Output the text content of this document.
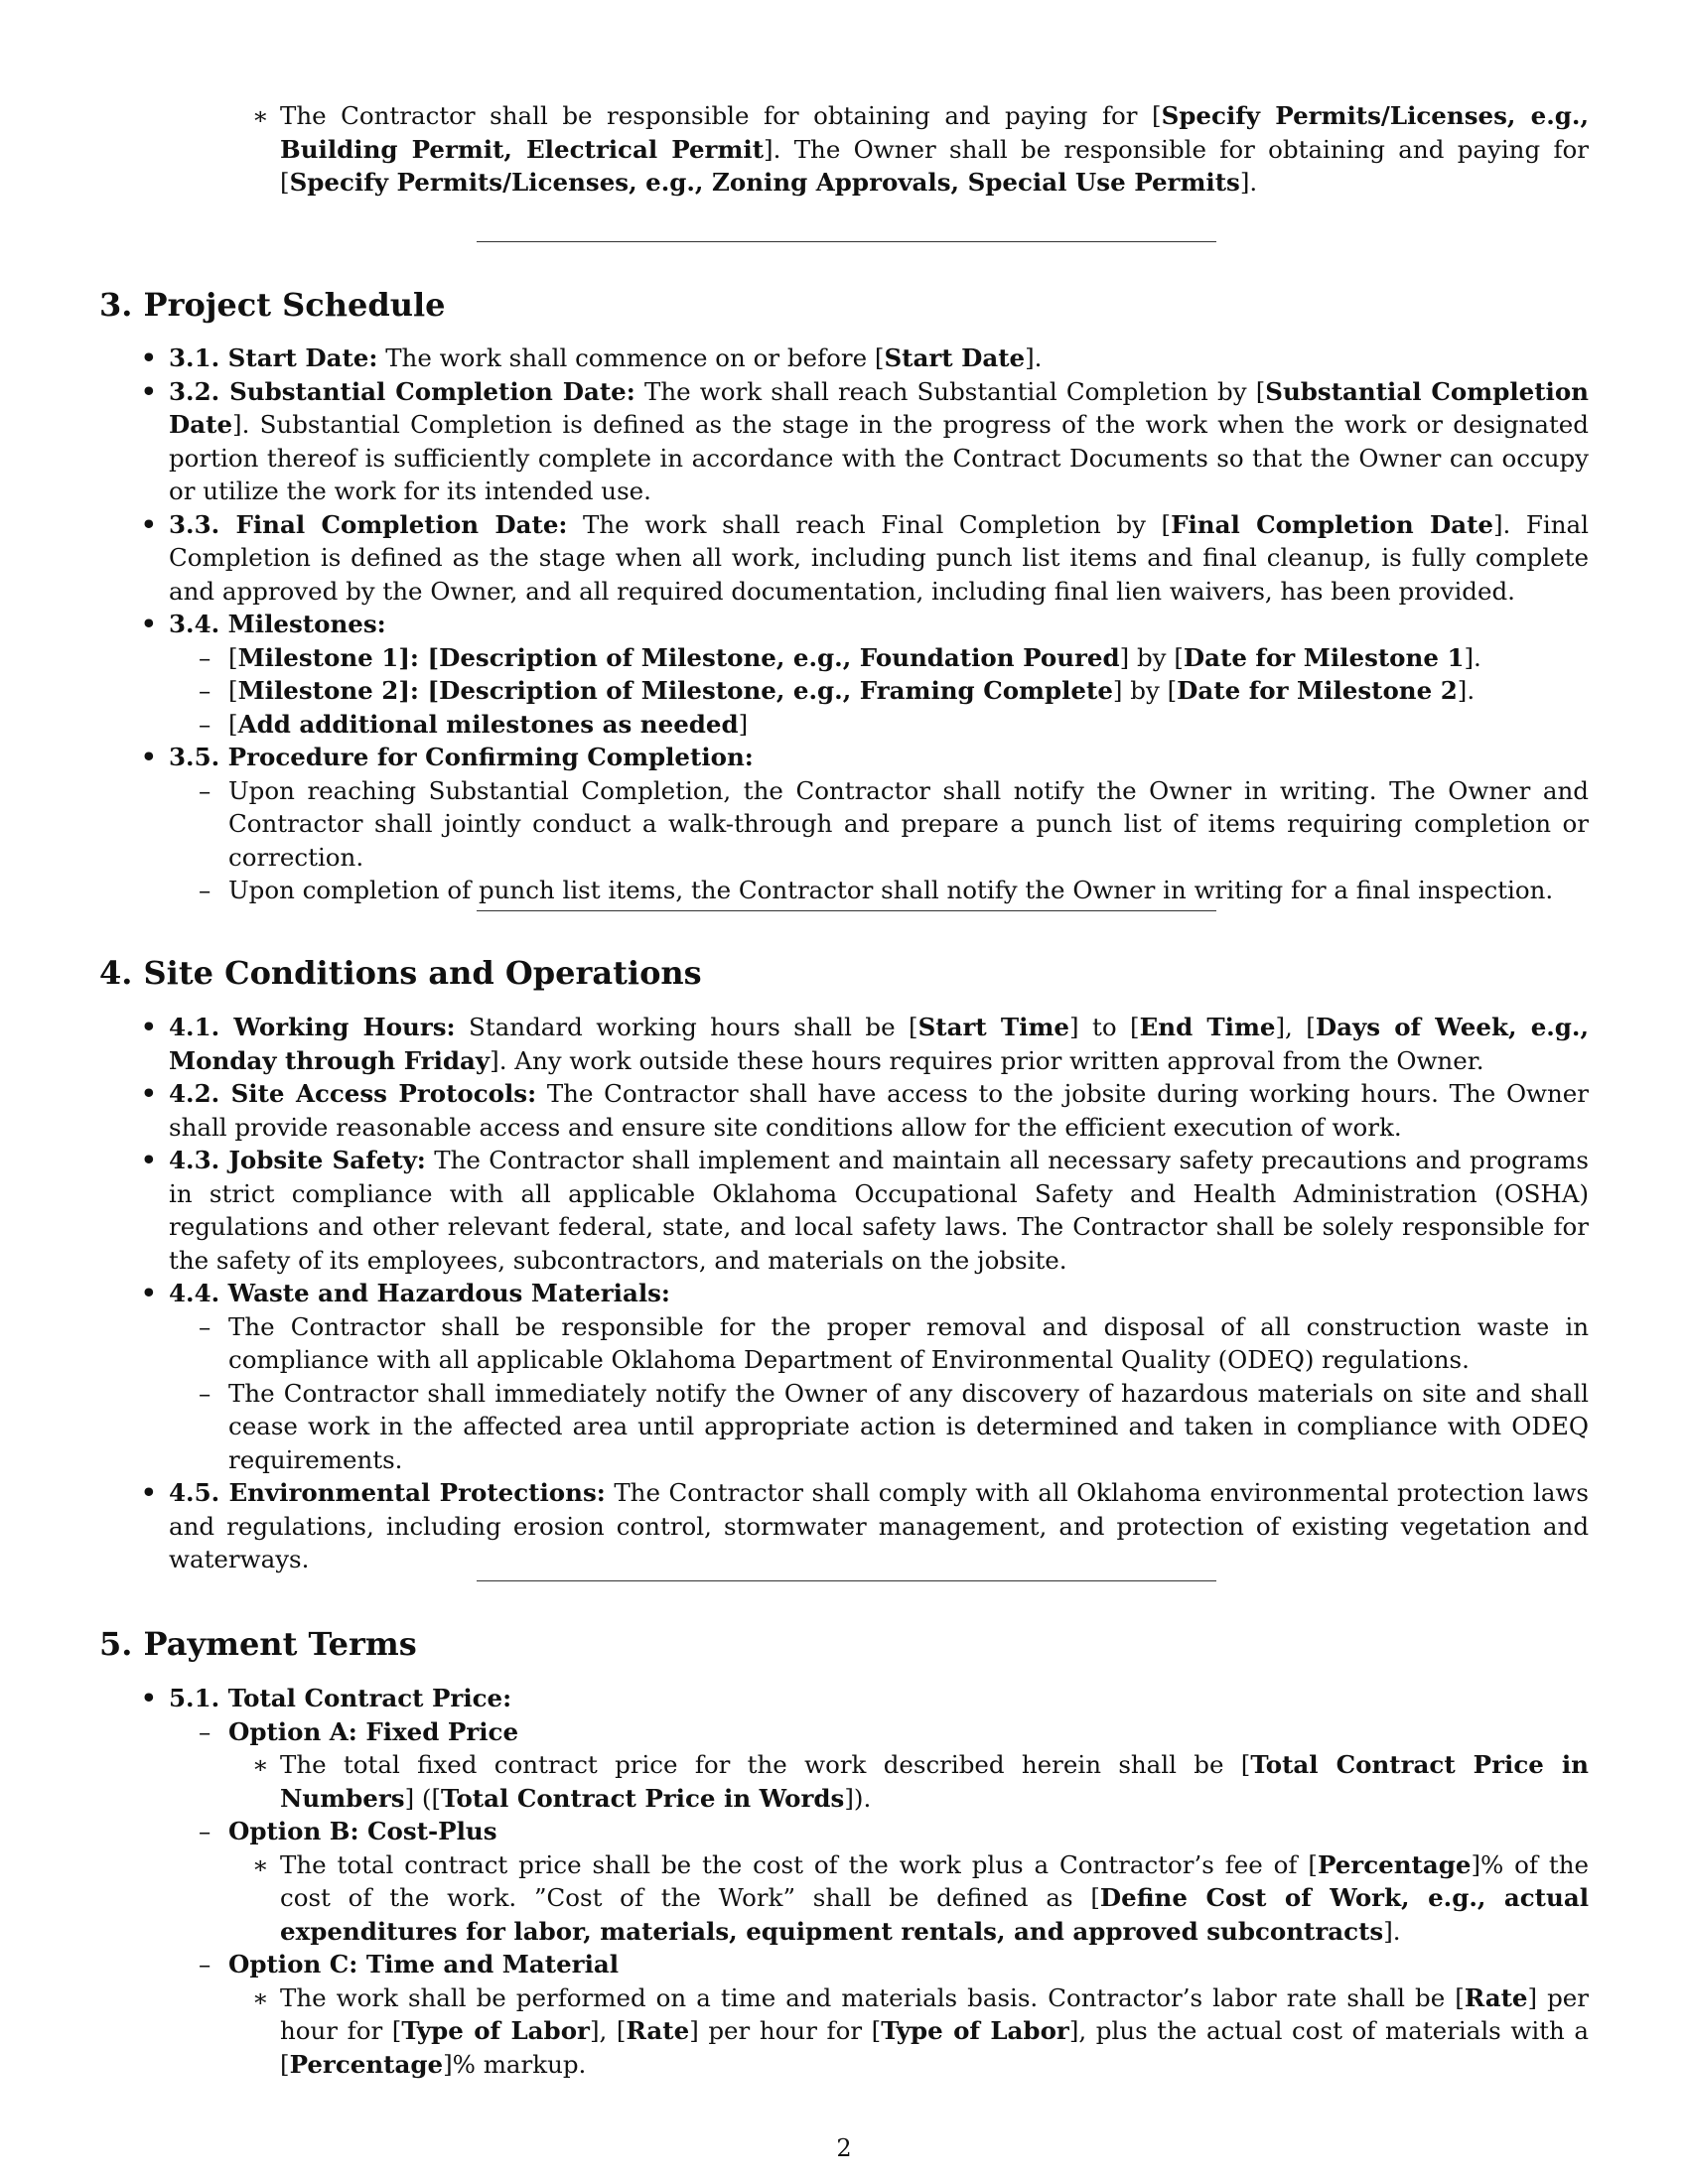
∗ The Contractor shall be responsible for obtaining and paying for [Specify Permits/Licenses, e.g., Building Permit, Electrical Permit]. The Owner shall be responsible for obtaining and paying for [Specify Permits/Licenses, e.g., Zoning Approvals, Special Use Permits].
3. Project Schedule
• 3.1. Start Date: The work shall commence on or before [Start Date].
• 3.2. Substantial Completion Date: The work shall reach Substantial Completion by [Substantial Completion Date]. Substantial Completion is defined as the stage in the progress of the work when the work or designated portion thereof is sufficiently complete in accordance with the Contract Documents so that the Owner can occupy or utilize the work for its intended use.
• 3.3. Final Completion Date: The work shall reach Final Completion by [Final Completion Date]. Final Completion is defined as the stage when all work, including punch list items and final cleanup, is fully complete and approved by the Owner, and all required documentation, including final lien waivers, has been provided.
• 3.4. Milestones:
– [Milestone 1]: [Description of Milestone, e.g., Foundation Poured] by [Date for Milestone 1].
– [Milestone 2]: [Description of Milestone, e.g., Framing Complete] by [Date for Milestone 2].
– [Add additional milestones as needed]
• 3.5. Procedure for Confirming Completion:
– Upon reaching Substantial Completion, the Contractor shall notify the Owner in writing. The Owner and Contractor shall jointly conduct a walk-through and prepare a punch list of items requiring completion or correction.
– Upon completion of punch list items, the Contractor shall notify the Owner in writing for a final inspection.
4. Site Conditions and Operations
• 4.1. Working Hours: Standard working hours shall be [Start Time] to [End Time], [Days of Week, e.g., Monday through Friday]. Any work outside these hours requires prior written approval from the Owner.
• 4.2. Site Access Protocols: The Contractor shall have access to the jobsite during working hours. The Owner shall provide reasonable access and ensure site conditions allow for the efficient execution of work.
• 4.3. Jobsite Safety: The Contractor shall implement and maintain all necessary safety precautions and programs in strict compliance with all applicable Oklahoma Occupational Safety and Health Administration (OSHA) regulations and other relevant federal, state, and local safety laws. The Contractor shall be solely responsible for the safety of its employees, subcontractors, and materials on the jobsite.
• 4.4. Waste and Hazardous Materials:
– The Contractor shall be responsible for the proper removal and disposal of all construction waste in compliance with all applicable Oklahoma Department of Environmental Quality (ODEQ) regulations.
– The Contractor shall immediately notify the Owner of any discovery of hazardous materials on site and shall cease work in the affected area until appropriate action is determined and taken in compliance with ODEQ requirements.
• 4.5. Environmental Protections: The Contractor shall comply with all Oklahoma environmental protection laws and regulations, including erosion control, stormwater management, and protection of existing vegetation and waterways.
5. Payment Terms
• 5.1. Total Contract Price:
– Option A: Fixed Price
∗ The total fixed contract price for the work described herein shall be [Total Contract Price in Numbers] ([Total Contract Price in Words]).
– Option B: Cost-Plus
∗ The total contract price shall be the cost of the work plus a Contractor’s fee of [Percentage]% of the cost of the work. ”Cost of the Work” shall be defined as [Define Cost of Work, e.g., actual expenditures for labor, materials, equipment rentals, and approved subcontracts].
– Option C: Time and Material
∗ The work shall be performed on a time and materials basis. Contractor’s labor rate shall be [Rate] per hour for [Type of Labor], [Rate] per hour for [Type of Labor], plus the actual cost of materials with a [Percentage]% markup.
2
